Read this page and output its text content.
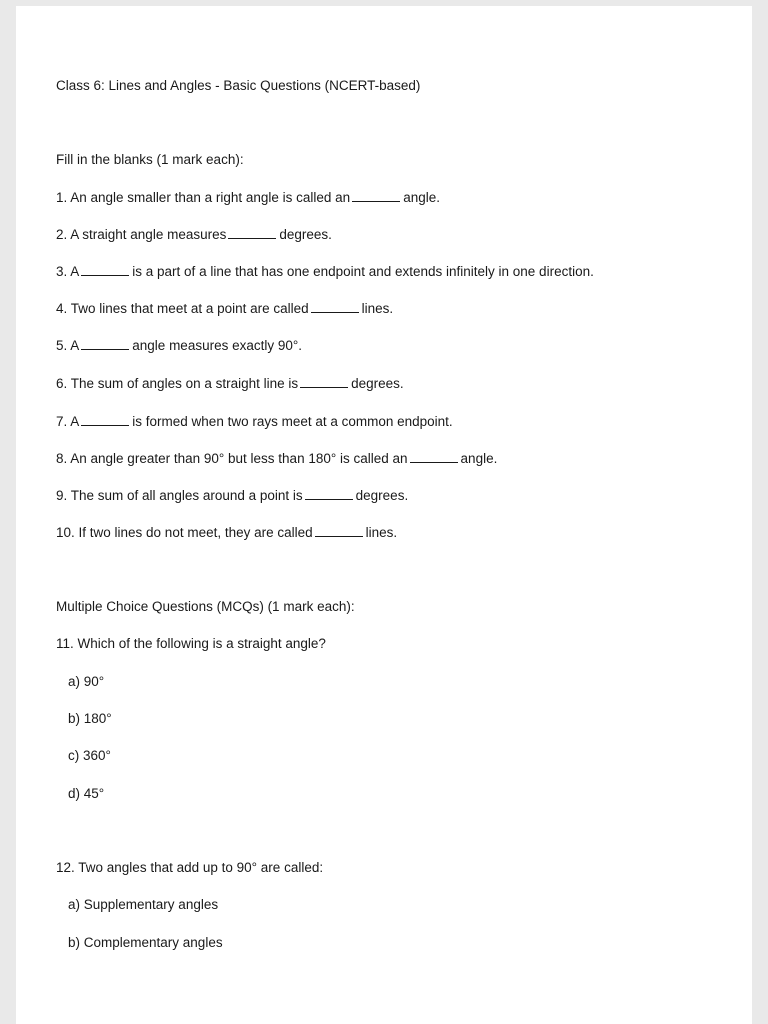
Class 6: Lines and Angles - Basic Questions (NCERT-based)
Fill in the blanks (1 mark each):
1. An angle smaller than a right angle is called an	angle.
2. A straight angle measures	degrees.
3. A	is a part of a line that has one endpoint and extends infinitely in one direction.
4. Two lines that meet at a point are called	lines.
5. A	angle measures exactly 90°.
6. The sum of angles on a straight line is	degrees.
7. A	is formed when two rays meet at a common endpoint.
8. An angle greater than 90° but less than 180° is called an	angle.
9. The sum of all angles around a point is	degrees.
10. If two lines do not meet, they are called	lines.
Multiple Choice Questions (MCQs) (1 mark each):
11. Which of the following is a straight angle?
a) 90°
b) 180°
c) 360°
d) 45°
12. Two angles that add up to 90° are called:
a) Supplementary angles
b) Complementary angles
